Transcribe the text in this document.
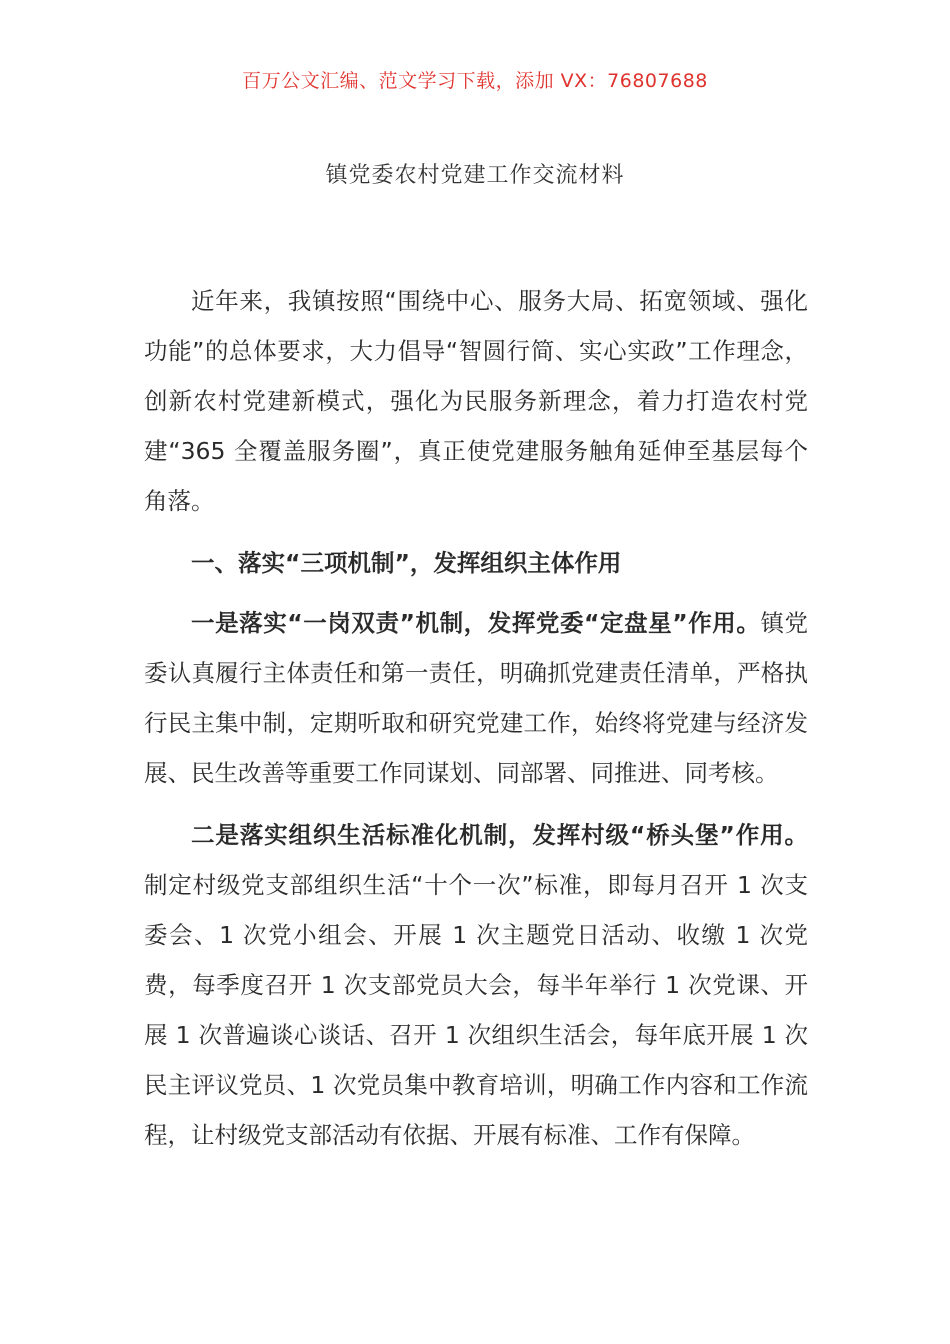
百万公文汇编、范文学习下载，添加 VX：76807688
镇党委农村党建工作交流材料

近年来，我镇按照“围绕中心、服务大局、拓宽领域、强化功能”的总体要求，大力倡导“智圆行简、实心实政”工作理念，创新农村党建新模式，强化为民服务新理念，着力打造农村党建“365 全覆盖服务圈”，真正使党建服务触角延伸至基层每个角落。

一、落实“三项机制”，发挥组织主体作用

一是落实“一岗双责”机制，发挥党委“定盘星”作用。镇党委认真履行主体责任和第一责任，明确抓党建责任清单，严格执行民主集中制，定期听取和研究党建工作，始终将党建与经济发展、民生改善等重要工作同谋划、同部署、同推进、同考核。

二是落实组织生活标准化机制，发挥村级“桥头堡”作用。制定村级党支部组织生活“十个一次”标准，即每月召开 1 次支委会、1 次党小组会、开展 1 次主题党日活动、收缴 1 次党费，每季度召开 1 次支部党员大会，每半年举行 1 次党课、开展 1 次普遍谈心谈话、召开 1 次组织生活会，每年底开展 1 次民主评议党员、1 次党员集中教育培训，明确工作内容和工作流程，让村级党支部活动有依据、开展有标准、工作有保障。
